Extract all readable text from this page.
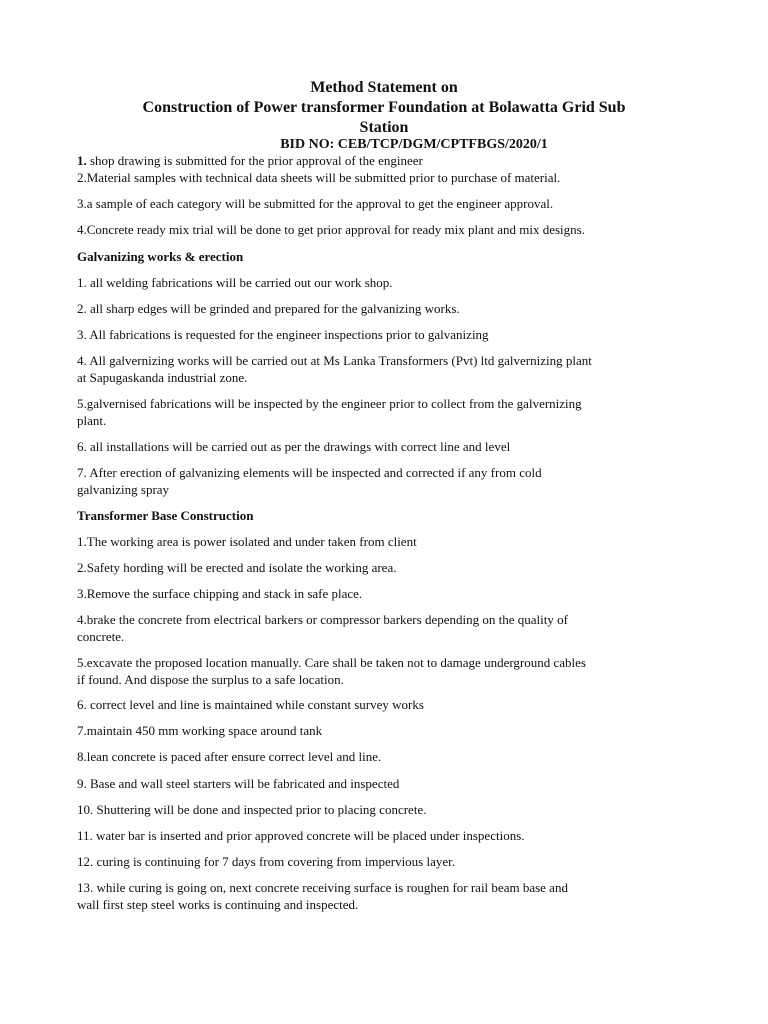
Method Statement on
Construction of Power transformer Foundation at Bolawatta Grid Sub
Station
BID NO: CEB/TCP/DGM/CPTFBGS/2020/1
1. shop drawing is submitted for the prior approval of the engineer
2.Material samples with technical data sheets will be submitted prior to purchase of material.
3.a sample of each category will be submitted for the approval to get the engineer approval.
4.Concrete ready mix trial will be done to get prior approval for ready mix plant and mix designs.
Galvanizing works & erection
1. all welding fabrications will be carried out our work shop.
2. all sharp edges will be grinded and prepared for the galvanizing works.
3. All fabrications is requested for the engineer inspections prior to galvanizing
4. All galvernizing works will be carried out at Ms Lanka Transformers (Pvt) ltd galvernizing plant
at Sapugaskanda industrial zone.
5.galvernised fabrications will be inspected by the engineer prior to collect from the galvernizing
plant.
6. all installations will be carried out as per the drawings with correct line and level
7. After erection of galvanizing elements will be inspected and corrected if any from cold
galvanizing spray
Transformer Base Construction
1.The working area is power isolated and under taken from client
2.Safety hording will be erected and isolate the working area.
3.Remove the surface chipping and stack in safe place.
4.brake the concrete from electrical barkers or compressor barkers depending on the quality of
concrete.
5.excavate the proposed location manually. Care shall be taken not to damage underground cables
if found. And dispose the surplus to a safe location.
6. correct level and line is maintained while constant survey works
7.maintain 450 mm working space around tank
8.lean concrete is paced after ensure correct level and line.
9. Base and wall steel starters will be fabricated and inspected
10. Shuttering will be done and inspected prior to placing concrete.
11. water bar is inserted and prior approved concrete will be placed under inspections.
12. curing is continuing for 7 days from covering from impervious layer.
13. while curing is going on, next concrete receiving surface is roughen for rail beam base and
wall first step steel works is continuing and inspected.
